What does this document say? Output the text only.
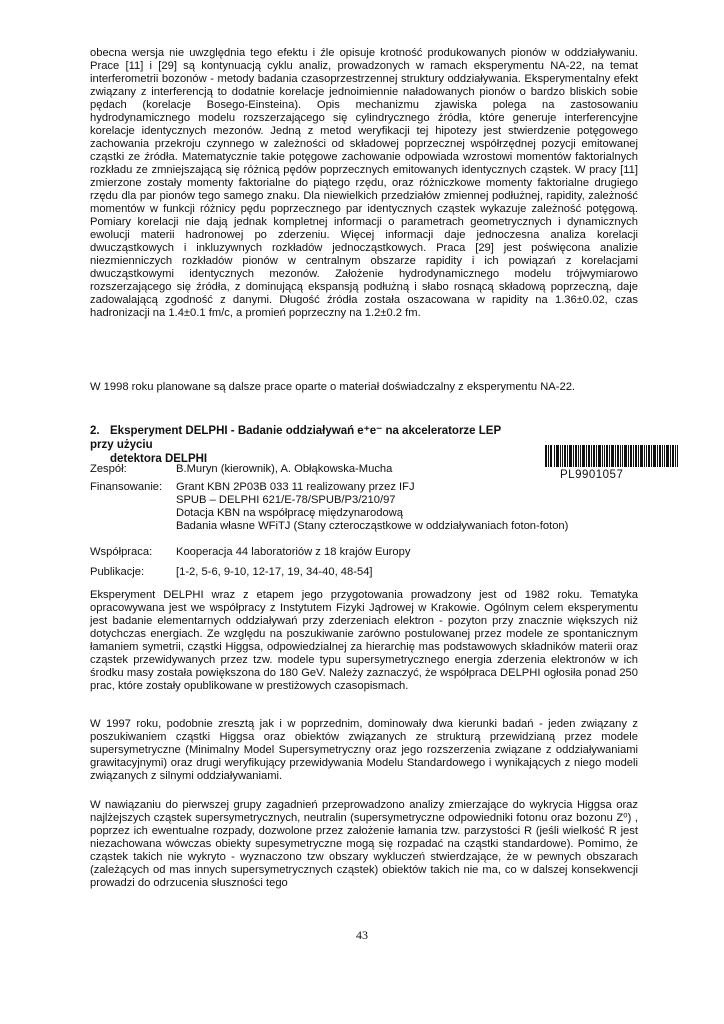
obecna wersja nie uwzględnia tego efektu i źle opisuje krotność produkowanych pionów w oddziaływaniu. Prace [11] i [29] są kontynuacją cyklu analiz, prowadzonych w ramach eksperymentu NA-22, na temat interferometrii bozonów - metody badania czasoprzestrzennej struktury oddziaływania. Eksperymentalny efekt związany z interferencją to dodatnie korelacje jednoimiennie naładowanych pionów o bardzo bliskich sobie pędach (korelacje Bosego-Einsteina). Opis mechanizmu zjawiska polega na zastosowaniu hydrodynamicznego modelu rozszerzającego się cylindrycznego źródła, które generuje interferencyjne korelacje identycznych mezonów. Jedną z metod weryfikacji tej hipotezy jest stwierdzenie potęgowego zachowania przekroju czynnego w zależności od składowej poprzecznej współrzędnej pozycji emitowanej cząstki ze źródła. Matematycznie takie potęgowe zachowanie odpowiada wzrostowi momentów faktorialnych rozkładu ze zmniejszającą się różnicą pędów poprzecznych emitowanych identycznych cząstek. W pracy [11] zmierzone zostały momenty faktorialne do piątego rzędu, oraz różniczkowe momenty faktorialne drugiego rzędu dla par pionów tego samego znaku. Dla niewielkich przedziałów zmiennej podłużnej, rapidity, zależność momentów w funkcji różnicy pędu poprzecznego par identycznych cząstek wykazuje zależność potęgową. Pomiary korelacji nie dają jednak kompletnej informacji o parametrach geometrycznych i dynamicznych ewolucji materii hadronowej po zderzeniu. Więcej informacji daje jednoczesna analiza korelacji dwucząstkowych i inkluzywnych rozkładów jednocząstkowych. Praca [29] jest poświęcona analizie niezmienniczych rozkładów pionów w centralnym obszarze rapidity i ich powiązań z korelacjami dwucząstkowymi identycznych mezonów. Założenie hydrodynamicznego modelu trójwymiarowo rozszerzającego się źródła, z dominującą ekspansją podłużną i słabo rosnącą składową poprzeczną, daje zadowalającą zgodność z danymi. Długość źródła została oszacowana w rapidity na 1.36±0.02, czas hadronizacji na 1.4±0.1 fm/c, a promień poprzeczny na 1.2±0.2 fm.
W 1998 roku planowane są dalsze prace oparte o materiał doświadczalny z eksperymentu NA-22.
2. Eksperyment DELPHI - Badanie oddziaływań e⁺e⁻ na akceleratorze LEP przy użyciu
detektora DELPHI
PL9901057
Zespół:	B.Muryn (kierownik), A. Obłąkowska-Mucha
Finansowanie:	Grant KBN 2P03B 033 11 realizowany przez IFJ
SPUB – DELPHI 621/E-78/SPUB/P3/210/97
Dotacja KBN na współpracę międzynarodową
Badania własne WFiTJ (Stany czterocząstkowe w oddziaływaniach foton-foton)
Współpraca:	Kooperacja 44 laboratoriów z 18 krajów Europy
Publikacje:	[1-2, 5-6, 9-10, 12-17, 19, 34-40, 48-54]
Eksperyment DELPHI wraz z etapem jego przygotowania prowadzony jest od 1982 roku. Tematyka opracowywana jest we współpracy z Instytutem Fizyki Jądrowej w Krakowie. Ogólnym celem eksperymentu jest badanie elementarnych oddziaływań przy zderzeniach elektron - pozyton przy znacznie większych niż dotychczas energiach. Ze względu na poszukiwanie zarówno postulowanej przez modele ze spontanicznym łamaniem symetrii, cząstki Higgsa, odpowiedzialnej za hierarchię mas podstawowych składników materii oraz cząstek przewidywanych przez tzw. modele typu supersymetrycznego energia zderzenia elektronów w ich środku masy została powiększona do 180 GeV. Należy zaznaczyć, że współpraca DELPHI ogłosiła ponad 250 prac, które zostały opublikowane w prestiżowych czasopismach.
W 1997 roku, podobnie zresztą jak i w poprzednim, dominowały dwa kierunki badań - jeden związany z poszukiwaniem cząstki Higgsa oraz obiektów związanych ze strukturą przewidzianą przez modele supersymetryczne (Minimalny Model Supersymetryczny oraz jego rozszerzenia związane z oddziaływaniami grawitacyjnymi) oraz drugi weryfikujący przewidywania Modelu Standardowego i wynikających z niego modeli związanych z silnymi oddziaływaniami.
W nawiązaniu do pierwszej grupy zagadnień przeprowadzono analizy zmierzające do wykrycia Higgsa oraz najlżejszych cząstek supersymetrycznych, neutralin (supersymetryczne odpowiedniki fotonu oraz bozonu Z⁰) , poprzez ich ewentualne rozpady, dozwolone przez założenie łamania tzw. parzystości R (jeśli wielkość R jest niezachowana wówczas obiekty supesymetryczne mogą się rozpadać na cząstki standardowe). Pomimo, że cząstek takich nie wykryto - wyznaczono tzw obszary wykluczeń stwierdzające, że w pewnych obszarach (zależących od mas innych supersymetrycznych cząstek) obiektów takich nie ma, co w dalszej konsekwencji prowadzi do odrzucenia słuszności tego
43
